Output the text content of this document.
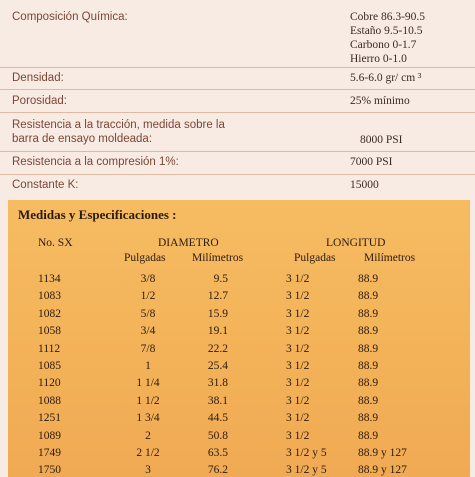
Composición Química:	Cobre 86.3-90.5
Estaño 9.5-10.5
Carbono 0-1.7
Hierro 0-1.0
Densidad:	5.6-6.0 gr/ cm ³
Porosidad:	25% mínimo
Resistencia a la tracción, medida sobre la
barra de ensayo moldeada:	8000 PSI
Resistencia a la compresión 1%:	7000 PSI
Constante K:	15000
Medidas y Especificaciones :
No. SX	DIAMETRO	LONGITUD
Pulgadas Milímetros	Pulgadas Milímetros
1134	3/8	9.5	3 1/2	88.9
1083	1/2	12.7	3 1/2	88.9
1082	5/8	15.9	3 1/2	88.9
1058	3/4	19.1	3 1/2	88.9
1112	7/8	22.2	3 1/2	88.9
1085	1	25.4	3 1/2	88.9
1120	1 1/4	31.8	3 1/2	88.9
1088	1 1/2	38.1	3 1/2	88.9
1251	1 3/4	44.5	3 1/2	88.9
1089	2	50.8	3 1/2	88.9
1749	2 1/2	63.5	3 1/2 y 5	88.9 y 127
1750	3	76.2	3 1/2 y 5	88.9 y 127
